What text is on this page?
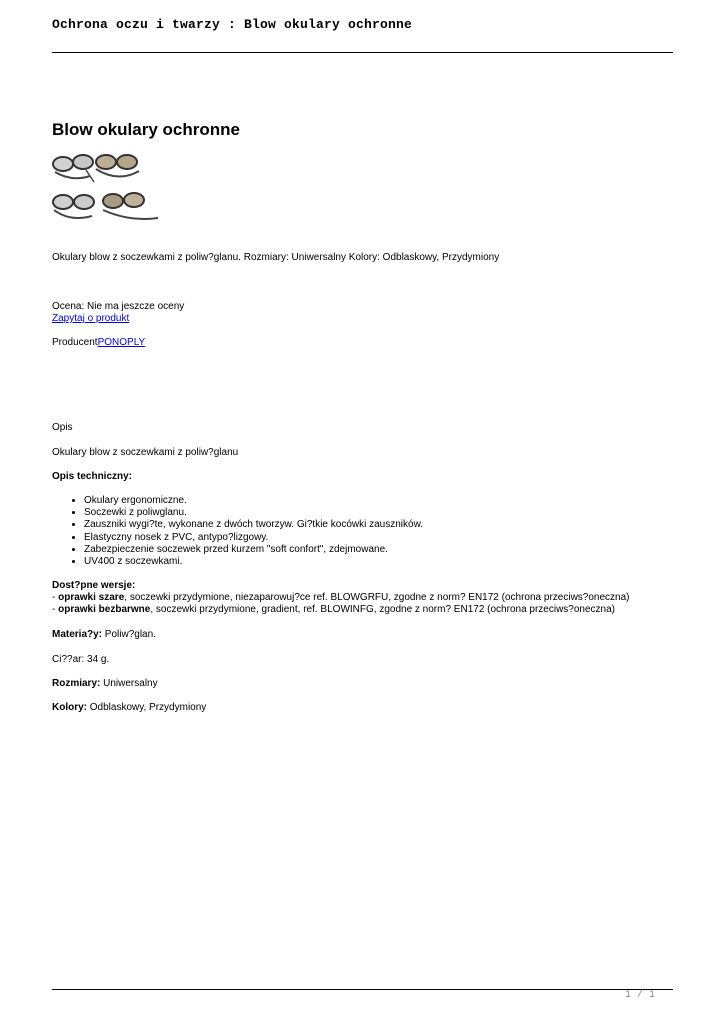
Ochrona oczu i twarzy : Blow okulary ochronne
Blow okulary ochronne

Okulary blow z soczewkami z poliw?glanu. Rozmiary: Uniwersalny Kolory: Odblaskowy, Przydymiony

Ocena: Nie ma jeszcze oceny

Zapytaj o produkt

ProducentPONOPLY

Opis

Okulary blow z soczewkami z poliw?glanu

Opis techniczny:

• Okulary ergonomiczne.
• Soczewki z poliwglanu.
• Zauszniki wygi?te, wykonane z dwóch tworzyw. Gi?tkie kocówki zauszników.
• Elastyczny nosek z PVC, antypo?lizgowy.
• Zabezpieczenie soczewek przed kurzem "soft confort", zdejmowane.
• UV400 z soczewkami.
Dost?pne wersje:
- oprawki szare, soczewki przydymione, niezaparowuj?ce ref. BLOWGRFU, zgodne z norm? EN172 (ochrona przeciws?oneczna)
- oprawki bezbarwne, soczewki przydymione, gradient, ref. BLOWINFG, zgodne z norm? EN172 (ochrona przeciws?oneczna)

Materia?y: Poliw?glan.

Ci??ar: 34 g.

Rozmiary: Uniwersalny

Kolory: Odblaskowy, Przydymiony

1 / 1
